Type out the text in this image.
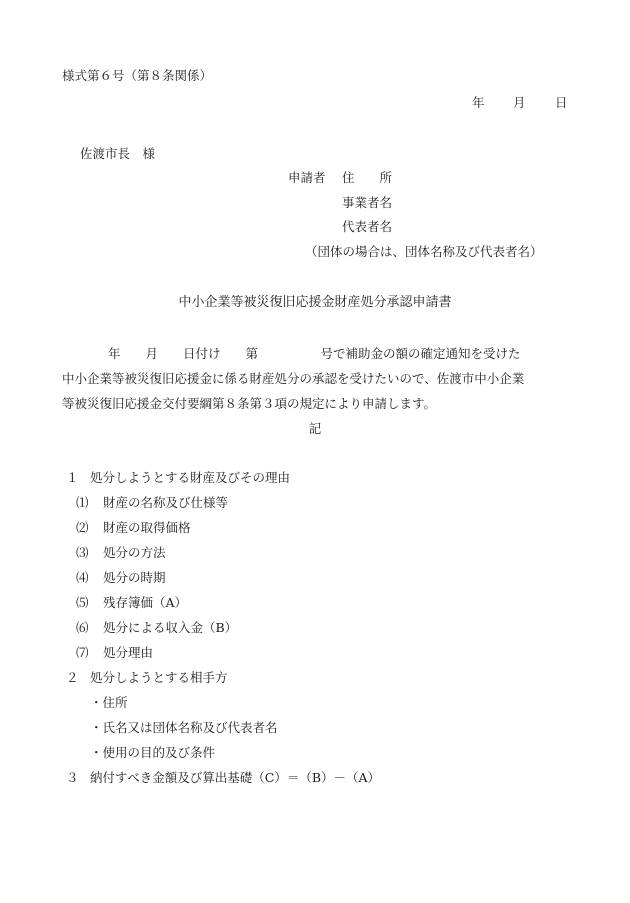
様式第６号（第８条関係）

年

月

日

佐渡市長　様
申請者 住　　所
事業者名
代表者名
（団体の場合は、団体名称及び代表者名）
中小企業等被災復旧応援金財産処分承認申請書
年　　月　　日付け　　第　　　　　号で補助金の額の確定通知を受けた
中小企業等被災復旧応援金に係る財産処分の承認を受けたいので、佐渡市中小企業
等被災復旧応援金交付要綱第８条第３項の規定により申請します。
記
１ 処分しようとする財産及びその理由
⑴ 財産の名称及び仕様等
⑵ 財産の取得価格
⑶ 処分の方法
⑷ 処分の時期
⑸ 残存簿価（A）
⑹ 処分による収入金（B）
⑺ 処分理由
２ 処分しようとする相手方
・住所
・氏名又は団体名称及び代表者名
・使用の目的及び条件
３ 納付すべき金額及び算出基礎（C）＝（B）－（A）
